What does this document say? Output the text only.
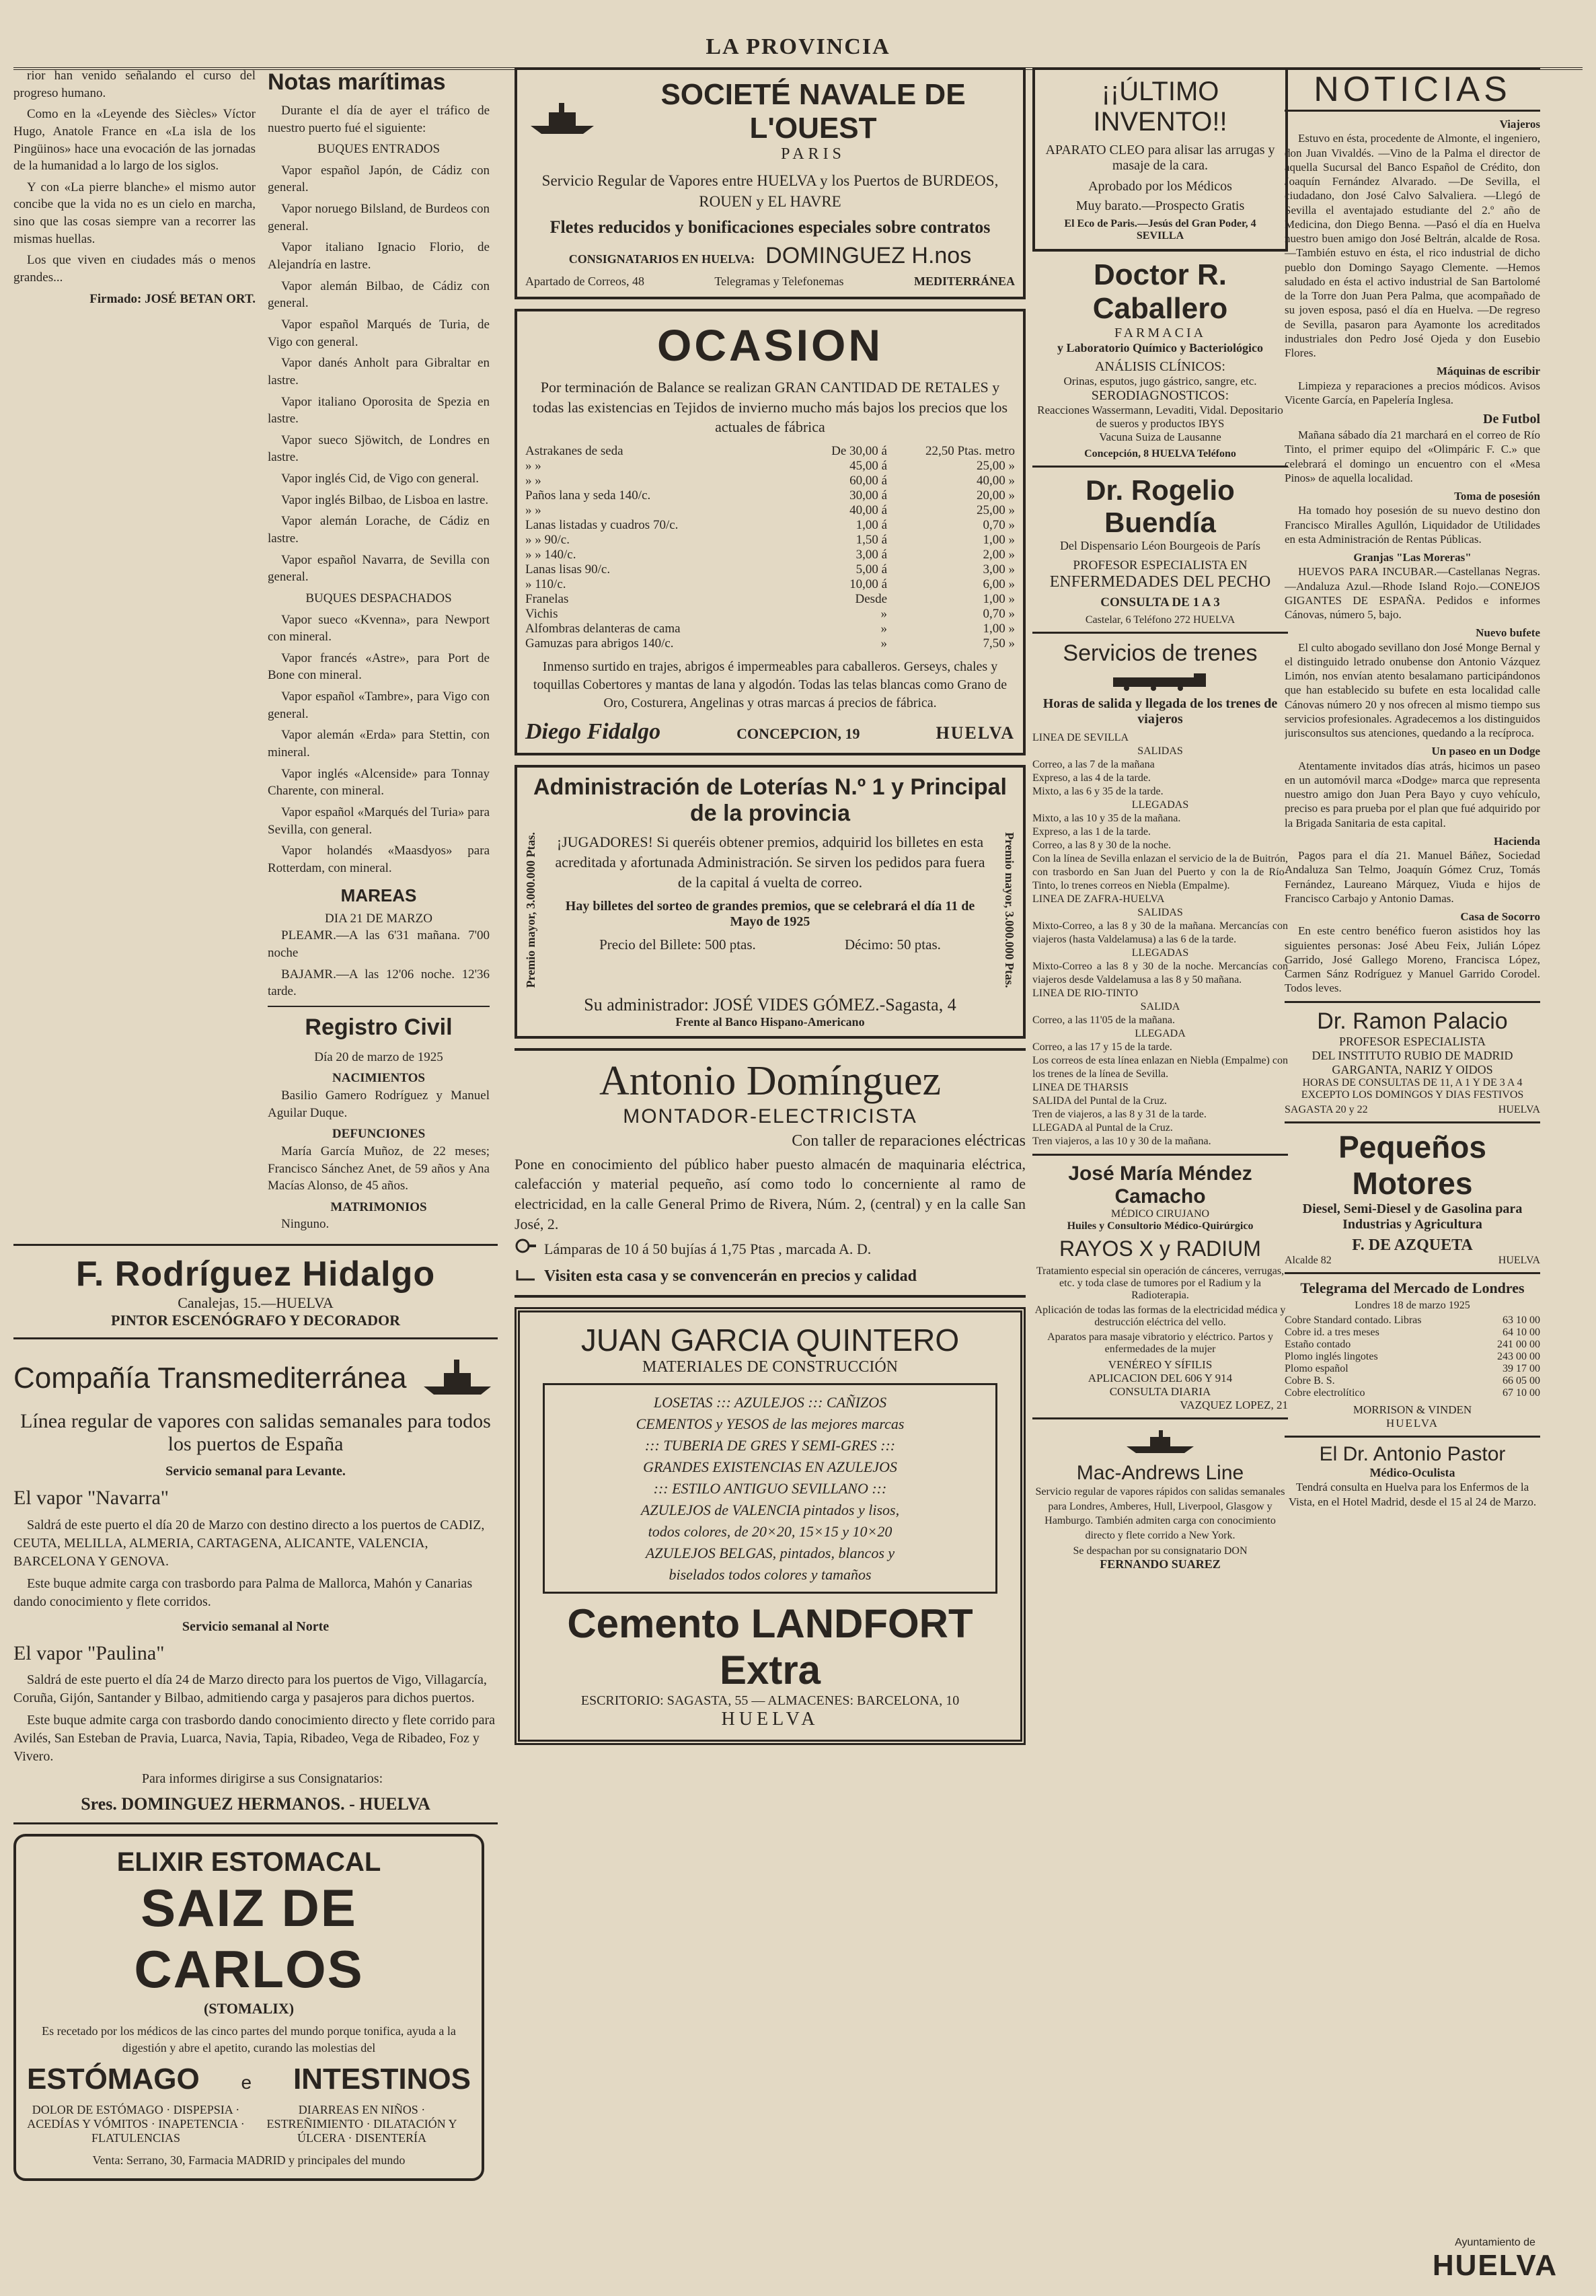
LA PROVINCIA

rior han venido señalando el curso del progreso humano.

Como en la «Leyende des Siècles» Víctor Hugo, Anatole France en «La isla de los Pingüinos» hace una evocación de las jornadas de la humanidad a lo largo de los siglos.

Y con «La pierre blanche» el mismo autor concibe que la vida no es un cielo en marcha, sino que las cosas siempre van a recorrer las mismas huellas.

Los que viven en ciudades más o menos grandes...

Firmado: JOSÉ BETAN ORT.

Notas marítimas

Durante el día de ayer el tráfico de nuestro puerto fué el siguiente:

BUQUES ENTRADOS

Vapor español Japón, de Cádiz con general.

Vapor noruego Bilsland, de Burdeos con general.

Vapor italiano Ignacio Florio, de Alejandría en lastre.

Vapor alemán Bilbao, de Cádiz con general.

Vapor español Marqués de Turia, de Vigo con general.

Vapor danés Anholt para Gibraltar en lastre.

Vapor italiano Oporosita de Spezia en lastre.

Vapor sueco Sjöwitch, de Londres en lastre.

Vapor inglés Cid, de Vigo con general.

Vapor inglés Bilbao, de Lisboa en lastre.

Vapor alemán Lorache, de Cádiz en lastre.

Vapor español Navarra, de Sevilla con general.

BUQUES DESPACHADOS

Vapor sueco «Kvenna», para Newport con mineral.

Vapor francés «Astre», para Port de Bone con mineral.

Vapor español «Tambre», para Vigo con general.

Vapor alemán «Erda» para Stettin, con mineral.

Vapor inglés «Alcenside» para Tonnay Charente, con mineral.

Vapor español «Marqués del Turia» para Sevilla, con general.

Vapor holandés «Maasdyos» para Rotterdam, con mineral.

MAREAS
DIA 21 DE MARZO

PLEAMR.—A las 6'31 mañana. 7'00 noche

BAJAMR.—A las 12'06 noche. 12'36 tarde.

Registro Civil
Día 20 de marzo de 1925
NACIMIENTOS

Basilio Gamero Rodríguez y Manuel Aguilar Duque.

DEFUNCIONES

María García Muñoz, de 22 meses; Francisco Sánchez Anet, de 59 años y Ana Macías Alonso, de 45 años.

MATRIMONIOS

Ninguno.

F. Rodríguez Hidalgo
Canalejas, 15.—HUELVA
PINTOR ESCENÓGRAFO Y DECORADOR
Compañía Transmediterránea
Línea regular de vapores con salidas semanales para todos los puertos de España
Servicio semanal para Levante.
El vapor "Navarra"

Saldrá de este puerto el día 20 de Marzo con destino directo a los puertos de CADIZ, CEUTA, MELILLA, ALMERIA, CARTAGENA, ALICANTE, VALENCIA, BARCELONA Y GENOVA.

Este buque admite carga con trasbordo para Palma de Mallorca, Mahón y Canarias dando conocimiento y flete corridos.

Servicio semanal al Norte
El vapor "Paulina"

Saldrá de este puerto el día 24 de Marzo directo para los puertos de Vigo, Villagarcía, Coruña, Gijón, Santander y Bilbao, admitiendo carga y pasajeros para dichos puertos.

Este buque admite carga con trasbordo dando conocimiento directo y flete corrido para Avilés, San Esteban de Pravia, Luarca, Navia, Tapia, Ribadeo, Vega de Ribadeo, Foz y Vivero.

Para informes dirigirse a sus Consignatarios:

Sres. DOMINGUEZ HERMANOS. - HUELVA
ELIXIR ESTOMACAL
SAIZ DE CARLOS
(STOMALIX)
Es recetado por los médicos de las cinco partes del mundo porque tonifica, ayuda a la digestión y abre el apetito, curando las molestias del
ESTÓMAGO e INTESTINOS
DOLOR DE ESTÓMAGO · DISPEPSIA · ACEDÍAS Y VÓMITOS · INAPETENCIA · FLATULENCIAS
DIARREAS EN NIÑOS · ESTREÑIMIENTO · DILATACIÓN Y ÚLCERA · DISENTERÍA
Venta: Serrano, 30, Farmacia MADRID y principales del mundo
SOCIETÉ NAVALE DE L'OUEST
PARIS
Servicio Regular de Vapores entre HUELVA y los Puertos de BURDEOS, ROUEN y EL HAVRE
Fletes reducidos y bonificaciones especiales sobre contratos
CONSIGNATARIOS EN HUELVA: DOMINGUEZ H.nos
Apartado de Correos, 48	Telegramas y Telefonemas	MEDITERRÁNEA
OCASION
Por terminación de Balance se realizan GRAN CANTIDAD DE RETALES y todas las existencias en Tejidos de invierno mucho más bajos los precios que los actuales de fábrica
Astrakanes de seda	De 30,00 á	22,50 Ptas. metro
» »	45,00 á	25,00 »
» »	60,00 á	40,00 »
Paños lana y seda 140/c.	30,00 á	20,00 »
» »	40,00 á	25,00 »
Lanas listadas y cuadros 70/c.	1,00 á	0,70 »
» » 90/c.	1,50 á	1,00 »
» » 140/c.	3,00 á	2,00 »
Lanas lisas 90/c.	5,00 á	3,00 »
» 110/c.	10,00 á	6,00 »
Franelas	Desde	1,00 »
Vichis	»	0,70 »
Alfombras delanteras de cama	»	1,00 »
Gamuzas para abrigos 140/c.	»	7,50 »
Inmenso surtido en trajes, abrigos é impermeables para caballeros. Gerseys, chales y toquillas Cobertores y mantas de lana y algodón. Todas las telas blancas como Grano de Oro, Costurera, Angelinas y otras marcas á precios de fábrica.
Diego Fidalgo	CONCEPCION, 19	HUELVA
Administración de Loterías N.º 1 y Principal de la provincia
Premio mayor, 3.000.000 Ptas.	¡JUGADORES! Si queréis obtener premios, adquirid los billetes en esta acreditada y afortunada Administración. Se sirven los pedidos para fuera de la capital á vuelta de correo.
Hay billetes del sorteo de grandes premios, que se celebrará el día 11 de Mayo de 1925
Precio del Billete: 500 ptas.	Décimo: 50 ptas.	Premio mayor, 3.000.000 Ptas.
Su administrador: JOSÉ VIDES GÓMEZ.-Sagasta, 4
Frente al Banco Hispano-Americano
Antonio Domínguez
MONTADOR-ELECTRICISTA
Con taller de reparaciones eléctricas
Pone en conocimiento del público haber puesto almacén de maquinaria eléctrica, calefacción y material pequeño, así como todo lo concerniente al ramo de electricidad, en la calle General Primo de Rivera, Núm. 2, (central) y en la calle San José, 2.
Lámparas de 10 á 50 bujías á 1,75 Ptas , marcada A. D.
Visiten esta casa y se convencerán en precios y calidad
JUAN GARCIA QUINTERO
MATERIALES DE CONSTRUCCIÓN
LOSETAS ::: AZULEJOS ::: CAÑIZOS
CEMENTOS y YESOS de las mejores marcas
::: TUBERIA DE GRES Y SEMI-GRES :::
GRANDES EXISTENCIAS EN AZULEJOS
::: ESTILO ANTIGUO SEVILLANO :::
AZULEJOS de VALENCIA pintados y lisos,
todos colores, de 20×20, 15×15 y 10×20
AZULEJOS BELGAS, pintados, blancos y
biselados todos colores y tamaños
Cemento LANDFORT Extra
ESCRITORIO: SAGASTA, 55 — ALMACENES: BARCELONA, 10
HUELVA
¡¡ÚLTIMO INVENTO!!
APARATO CLEO para alisar las arrugas y masaje de la cara.
Aprobado por los Médicos
Muy barato.—Prospecto Gratis
El Eco de Paris.—Jesús del Gran Poder, 4 SEVILLA
Doctor R. Caballero
FARMACIA
y Laboratorio Químico y Bacteriológico
ANÁLISIS CLÍNICOS:
Orinas, esputos, jugo gástrico, sangre, etc.
SERODIAGNOSTICOS:
Reacciones Wassermann, Levaditi, Vidal. Depositario de sueros y productos IBYS
Vacuna Suiza de Lausanne
Concepción, 8 HUELVA Teléfono
Dr. Rogelio Buendía
Del Dispensario Léon Bourgeois de París
PROFESOR ESPECIALISTA EN
ENFERMEDADES DEL PECHO
CONSULTA DE 1 A 3
Castelar, 6 Teléfono 272 HUELVA
Servicios de trenes
Horas de salida y llegada de los trenes de viajeros
LINEA DE SEVILLA
SALIDAS
Correo, a las 7 de la mañana
Expreso, a las 4 de la tarde.
Mixto, a las 6 y 35 de la tarde.
LLEGADAS
Mixto, a las 10 y 35 de la mañana.
Expreso, a las 1 de la tarde.
Correo, a las 8 y 30 de la noche.
Con la línea de Sevilla enlazan el servicio de la de Buitrón, con trasbordo en San Juan del Puerto y con la de Río-Tinto, lo trenes correos en Niebla (Empalme).
LINEA DE ZAFRA-HUELVA
SALIDAS
Mixto-Correo, a las 8 y 30 de la mañana. Mercancías con viajeros (hasta Valdelamusa) a las 6 de la tarde.
LLEGADAS
Mixto-Correo a las 8 y 30 de la noche. Mercancías con viajeros desde Valdelamusa a las 8 y 50 mañana.
LINEA DE RIO-TINTO
SALIDA
Correo, a las 11'05 de la mañana.
LLEGADA
Correo, a las 17 y 15 de la tarde.
Los correos de esta línea enlazan en Niebla (Empalme) con los trenes de la línea de Sevilla.
LINEA DE THARSIS
SALIDA del Puntal de la Cruz.
Tren de viajeros, a las 8 y 31 de la tarde.
LLEGADA al Puntal de la Cruz.
Tren viajeros, a las 10 y 30 de la mañana.
José María Méndez Camacho
MÉDICO CIRUJANO
Huiles y Consultorio Médico-Quirúrgico
RAYOS X y RADIUM
Tratamiento especial sin operación de cánceres, verrugas, etc. y toda clase de tumores por el Radium y la Radioterapia.
Aplicación de todas las formas de la electricidad médica y destrucción eléctrica del vello.
Aparatos para masaje vibratorio y eléctrico. Partos y enfermedades de la mujer
VENÉREO Y SÍFILIS
APLICACION DEL 606 Y 914
CONSULTA DIARIA
VAZQUEZ LOPEZ, 21
Mac-Andrews Line
Servicio regular de vapores rápidos con salidas semanales para Londres, Amberes, Hull, Liverpool, Glasgow y Hamburgo. También admiten carga con conocimiento directo y flete corrido a New York.
Se despachan por su consignatario DON
FERNANDO SUAREZ
NOTICIAS
Viajeros

Estuvo en ésta, procedente de Almonte, el ingeniero, don Juan Vivaldés. —Vino de la Palma el director de aquella Sucursal del Banco Español de Crédito, don Joaquín Fernández Alvarado. —De Sevilla, el ciudadano, don José Calvo Salvaliera. —Llegó de Sevilla el aventajado estudiante del 2.º año de Medicina, don Diego Benna. —Pasó el día en Huelva nuestro buen amigo don José Beltrán, alcalde de Rosa. —También estuvo en ésta, el rico industrial de dicho pueblo don Domingo Sayago Clemente. —Hemos saludado en ésta el activo industrial de San Bartolomé de la Torre don Juan Pera Palma, que acompañado de su joven esposa, pasó el día en Huelva. —De regreso de Sevilla, pasaron para Ayamonte los acreditados industriales don Pedro José Ojeda y don Eusebio Flores.

Máquinas de escribir

Limpieza y reparaciones a precios módicos. Avisos Vicente García, en Papelería Inglesa.

De Futbol

Mañana sábado día 21 marchará en el correo de Río Tinto, el primer equipo del «Olimpáric F. C.» que celebrará el domingo un encuentro con el «Mesa Pinos» de aquella localidad.

Toma de posesión

Ha tomado hoy posesión de su nuevo destino don Francisco Miralles Agullón, Liquidador de Utilidades en esta Administración de Rentas Públicas.

Granjas "Las Moreras"

HUEVOS PARA INCUBAR.—Castellanas Negras.—Andaluza Azul.—Rhode Island Rojo.—CONEJOS GIGANTES DE ESPAÑA. Pedidos e informes Cánovas, número 5, bajo.

Nuevo bufete

El culto abogado sevillano don José Monge Bernal y el distinguido letrado onubense don Antonio Vázquez Limón, nos envían atento besalamano participándonos que han establecido su bufete en esta localidad calle Cánovas número 20 y nos ofrecen al mismo tiempo sus servicios profesionales. Agradecemos a los distinguidos jurisconsultos sus atenciones, quedando a la recíproca.

Un paseo en un Dodge

Atentamente invitados días atrás, hicimos un paseo en un automóvil marca «Dodge» marca que representa nuestro amigo don Juan Pera Bayo y cuyo vehículo, preciso es para prueba por el plan que fué adquirido por la Brigada Sanitaria de esta capital.

Hacienda

Pagos para el día 21. Manuel Báñez, Sociedad Andaluza San Telmo, Joaquín Gómez Cruz, Tomás Fernández, Laureano Márquez, Viuda e hijos de Francisco Carbajo y Antonio Damas.

Casa de Socorro

En este centro benéfico fueron asistidos hoy las siguientes personas: José Abeu Feix, Julián López Garrido, José Gallego Moreno, Francisca López, Carmen Sánz Rodríguez y Manuel Garrido Corodel. Todos leves.

Dr. Ramon Palacio
PROFESOR ESPECIALISTA
DEL INSTITUTO RUBIO DE MADRID
GARGANTA, NARIZ Y OIDOS
HORAS DE CONSULTAS DE 11, A 1 Y DE 3 A 4 EXCEPTO LOS DOMINGOS Y DIAS FESTIVOS
SAGASTA 20 y 22	HUELVA
Pequeños Motores
Diesel, Semi-Diesel y de Gasolina para Industrias y Agricultura
F. DE AZQUETA
Alcalde 82	HUELVA
Telegrama del Mercado de Londres
Londres 18 de marzo 1925
Cobre Standard contado. Libras	63 10 00
Cobre id. a tres meses	64 10 00
Estaño contado	241 00 00
Plomo inglés lingotes	243 00 00
Plomo español	39 17 00
Cobre B. S.	66 05 00
Cobre electrolítico	67 10 00
MORRISON & VINDEN
HUELVA
El Dr. Antonio Pastor
Médico-Oculista
Tendrá consulta en Huelva para los Enfermos de la Vista, en el Hotel Madrid, desde el 15 al 24 de Marzo.
Ayuntamiento de
HUELVA
